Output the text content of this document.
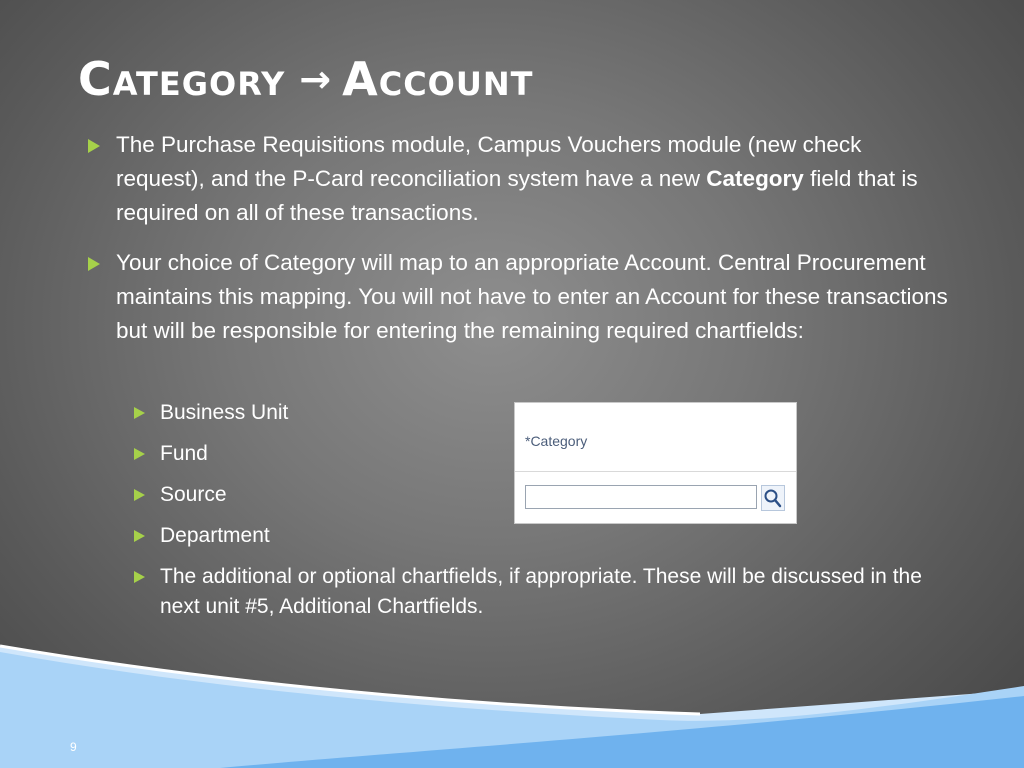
Category → Account
The Purchase Requisitions module, Campus Vouchers module (new check request), and the P-Card reconciliation system have a new Category field that is required on all of these transactions.
Your choice of Category will map to an appropriate Account. Central Procurement maintains this mapping. You will not have to enter an Account for these transactions but will be responsible for entering the remaining required chartfields:
Business Unit
Fund
Source
Department
The additional or optional chartfields, if appropriate. These will be discussed in the next unit #5, Additional Chartfields.
*Category
9
